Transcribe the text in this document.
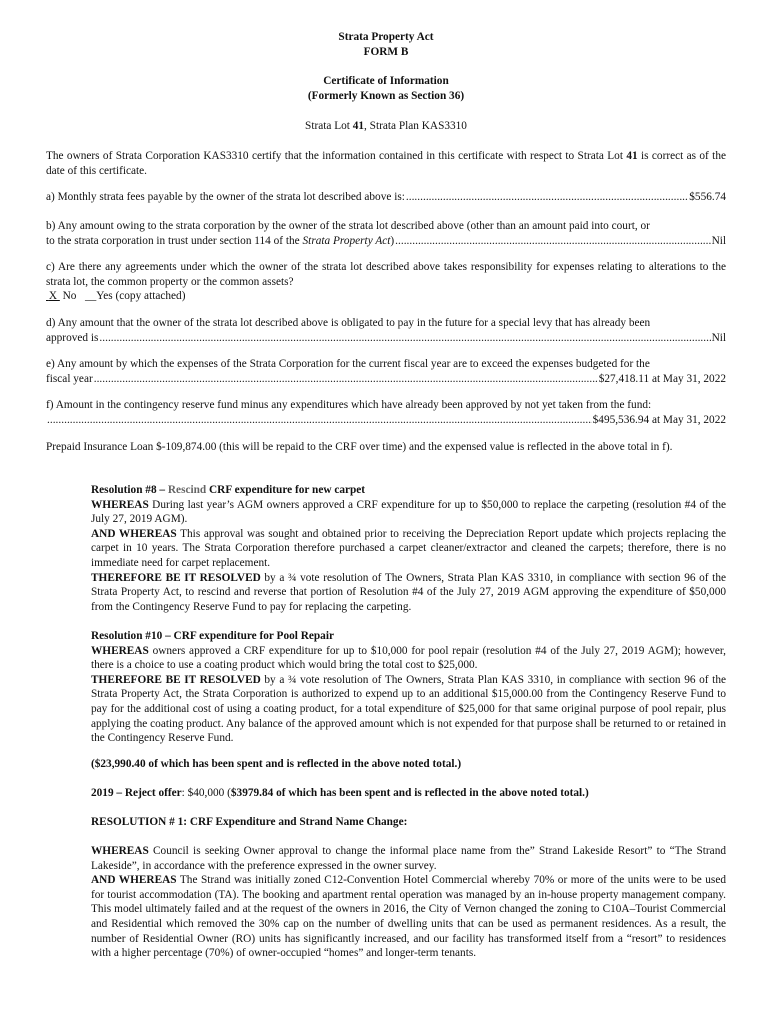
Strata Property Act
FORM B
Certificate of Information
(Formerly Known as Section 36)
Strata Lot 41, Strata Plan KAS3310
The owners of Strata Corporation KAS3310 certify that the information contained in this certificate with respect to Strata Lot 41 is correct as of the date of this certificate.
a) Monthly strata fees payable by the owner of the strata lot described above is: . . .	$556.74
b) Any amount owing to the strata corporation by the owner of the strata lot described above (other than an amount paid into court, or
to the strata corporation in trust under section 114 of the Strata Property Act) . . .	Nil
c) Are there any agreements under which the owner of the strata lot described above takes responsibility for expenses relating to alterations to the strata lot, the common property or the common assets?
X  No __Yes (copy attached)
d) Any amount that the owner of the strata lot described above is obligated to pay in the future for a special levy that has already been
approved is . . .	Nil
e) Any amount by which the expenses of the Strata Corporation for the current fiscal year are to exceed the expenses budgeted for the
fiscal year . . .	$27,418.11 at May 31, 2022
f) Amount in the contingency reserve fund minus any expenditures which have already been approved by not yet taken from the fund:
. . .
$495,536.94 at May 31, 2022
Prepaid Insurance Loan $-109,874.00 (this will be repaid to the CRF over time) and the expensed value is reflected in the above total in f).
Resolution #8 – Rescind CRF expenditure for new carpet
WHEREAS During last year’s AGM owners approved a CRF expenditure for up to $50,000 to replace the carpeting (resolution #4 of the July 27, 2019 AGM).
AND WHEREAS This approval was sought and obtained prior to receiving the Depreciation Report update which projects replacing the carpet in 10 years. The Strata Corporation therefore purchased a carpet cleaner/extractor and cleaned the carpets; therefore, there is no immediate need for carpet replacement.
THEREFORE BE IT RESOLVED by a ¾ vote resolution of The Owners, Strata Plan KAS 3310, in compliance with section 96 of the Strata Property Act, to rescind and reverse that portion of Resolution #4 of the July 27, 2019 AGM approving the expenditure of $50,000 from the Contingency Reserve Fund to pay for replacing the carpeting.
Resolution #10 – CRF expenditure for Pool Repair
WHEREAS owners approved a CRF expenditure for up to $10,000 for pool repair (resolution #4 of the July 27, 2019 AGM); however, there is a choice to use a coating product which would bring the total cost to $25,000.
THEREFORE BE IT RESOLVED by a ¾ vote resolution of The Owners, Strata Plan KAS 3310, in compliance with section 96 of the Strata Property Act, the Strata Corporation is authorized to expend up to an additional $15,000.00 from the Contingency Reserve Fund to pay for the additional cost of using a coating product, for a total expenditure of $25,000 for that same original purpose of pool repair, plus applying the coating product. Any balance of the approved amount which is not expended for that purpose shall be returned to or retained in the Contingency Reserve Fund.
($23,990.40 of which has been spent and is reflected in the above noted total.)
2019 – Reject offer: $40,000 ($3979.84 of which has been spent and is reflected in the above noted total.)
RESOLUTION # 1: CRF Expenditure and Strand Name Change:
WHEREAS Council is seeking Owner approval to change the informal place name from the” Strand Lakeside Resort” to “The Strand Lakeside”, in accordance with the preference expressed in the owner survey.
AND WHEREAS The Strand was initially zoned C12-Convention Hotel Commercial whereby 70% or more of the units were to be used for tourist accommodation (TA). The booking and apartment rental operation was managed by an in-house property management company. This model ultimately failed and at the request of the owners in 2016, the City of Vernon changed the zoning to C10A–Tourist Commercial and Residential which removed the 30% cap on the number of dwelling units that can be used as permanent residences. As a result, the number of Residential Owner (RO) units has significantly increased, and our facility has transformed itself from a “resort” to residences with a higher percentage (70%) of owner-occupied “homes” and longer-term tenants.
